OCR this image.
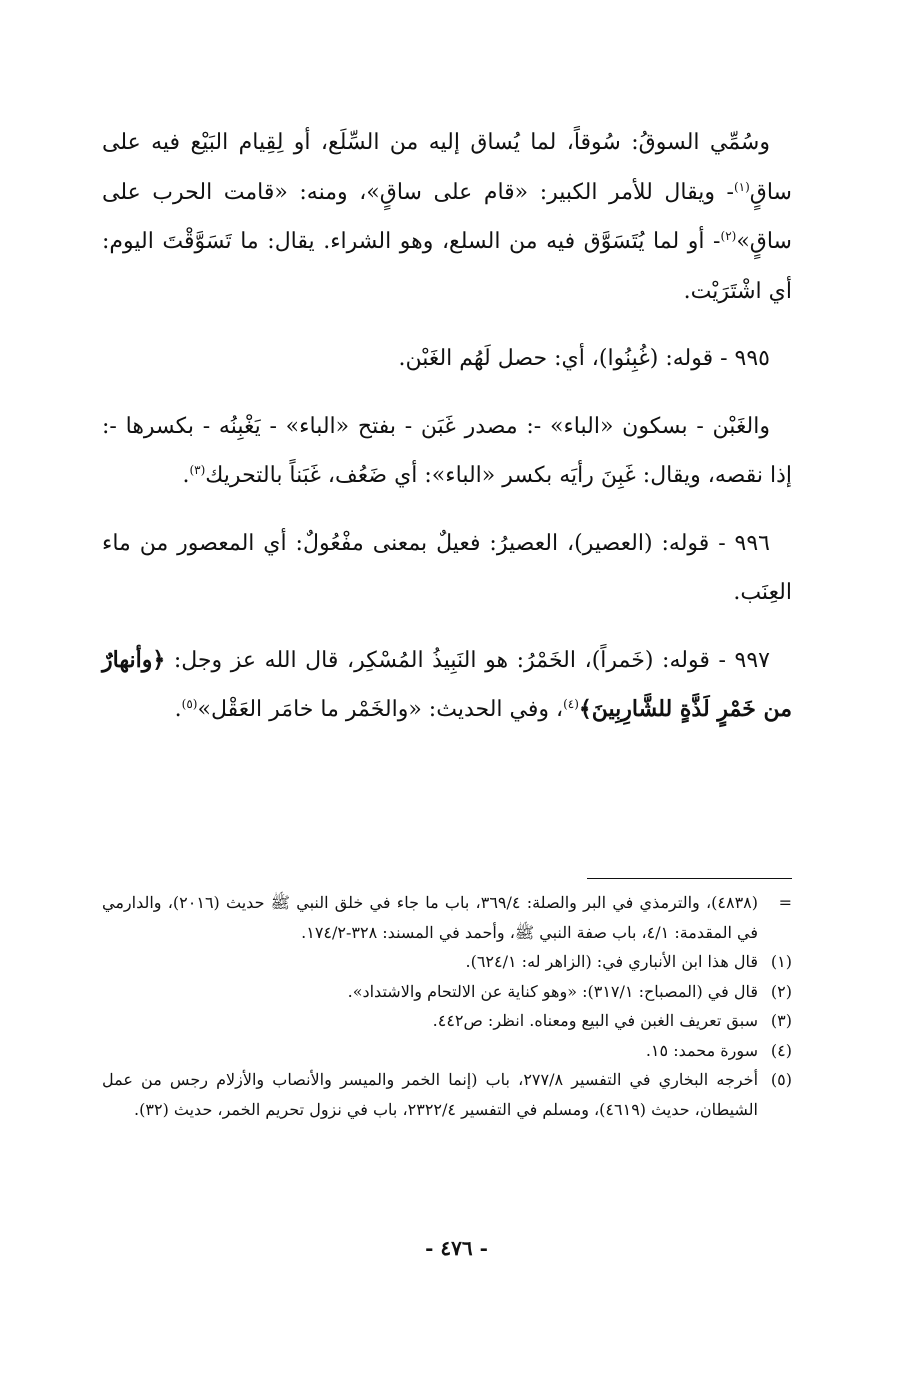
وسُمِّي السوقُ: سُوقاً، لما يُساق إليه من السِّلَع، أو لِقِيام البَيْع فيه على ساقٍ$^{(١)}$- ويقال للأمر الكبير: «قام على ساقٍ»، ومنه: «قامت الحرب على ساقٍ»$^{(٢)}$- أو لما يُتَسَوَّق فيه من السلع، وهو الشراء. يقال: ما تَسَوَّقْتَ اليوم: أي اشْتَرَيْت.

٩٩٥ - قوله: (غُبِنُوا)، أي: حصل لَهُم الغَبْن.

والغَبْن - بسكون «الباء» -: مصدر غَبَن - بفتح «الباء» - يَغْبِنُه - بكسرها -: إذا نقصه، ويقال: غَبِنَ رأيَه بكسر «الباء»: أي ضَعُف، غَبَناً بالتحريك$^{(٣)}$.

٩٩٦ - قوله: (العصير)، العصيرُ: فعيلٌ بمعنى مفْعُولٌ: أي المعصور من ماء العِنَب.

٩٩٧ - قوله: (خَمراً)، الخَمْرُ: هو النَبِيذُ المُسْكِر، قال الله عز وجل: ﴿وأنهارٌ من خَمْرٍ لَذَّةٍ للشَّارِبِينَ﴾$^{(٤)}$، وفي الحديث: «والخَمْر ما خامَر العَقْل»$^{(٥)}$.

=
(٤٨٣٨)، والترمذي في البر والصلة: ٣٦٩/٤، باب ما جاء في خلق النبي ﷺ حديث (٢٠١٦)، والدارمي في المقدمة: ٤/١، باب صفة النبي ﷺ، وأحمد في المسند: ٣٢٨-١٧٤/٢.
(١)
قال هذا ابن الأنباري في: (الزاهر له: ٦٢٤/١).
(٢)
قال في (المصباح: ٣١٧/١): «وهو كناية عن الالتحام والاشتداد».
(٣)
سبق تعريف الغبن في البيع ومعناه. انظر: ص٤٤٢.
(٤)
سورة محمد: ١٥.
(٥)
أخرجه البخاري في التفسير ٢٧٧/٨، باب (إنما الخمر والميسر والأنصاب والأزلام رجس من عمل الشيطان، حديث (٤٦١٩)، ومسلم في التفسير ٢٣٢٢/٤، باب في نزول تحريم الخمر، حديث (٣٢).
- ٤٧٦ -
